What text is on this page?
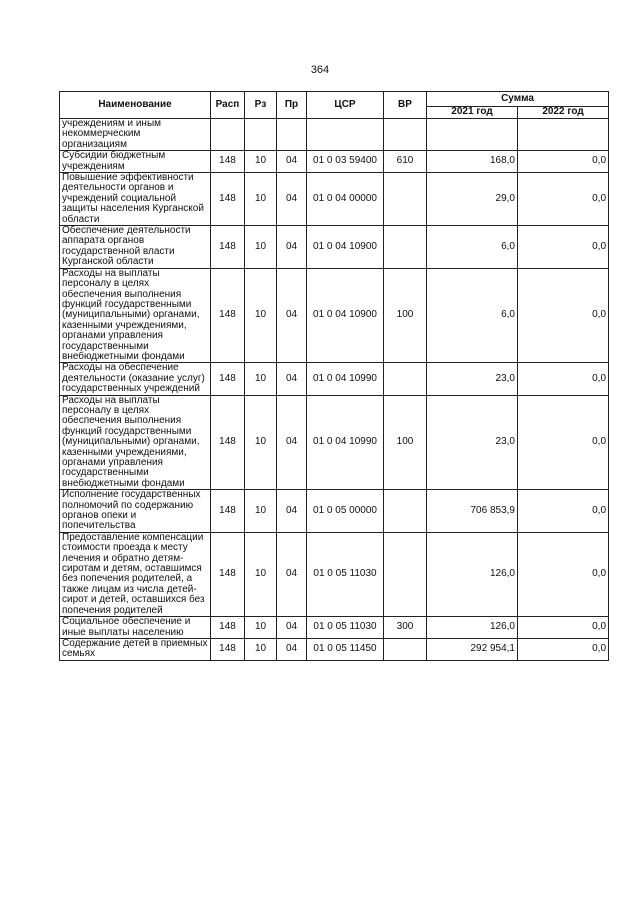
364
Наименование	Расп	Рз	Пр	ЦСР	ВР	Сумма	
						2021 год	2022 год
учреждениям и иным некоммерческим организациям							
Субсидии бюджетным учреждениям	148	10	04	01 0 03 59400	610	168,0	0,0
Повышение эффективности деятельности органов и учреждений социальной защиты населения Курганской области	148	10	04	01 0 04 00000		29,0	0,0
Обеспечение деятельности аппарата органов государственной власти Курганской области	148	10	04	01 0 04 10900		6,0	0,0
Расходы на выплаты персоналу в целях обеспечения выполнения функций государственными (муниципальными) органами, казенными учреждениями, органами управления государственными внебюджетными фондами	148	10	04	01 0 04 10900	100	6,0	0,0
Расходы на обеспечение деятельности (оказание услуг) государственных учреждений	148	10	04	01 0 04 10990		23,0	0,0
Расходы на выплаты персоналу в целях обеспечения выполнения функций государственными (муниципальными) органами, казенными учреждениями, органами управления государственными внебюджетными фондами	148	10	04	01 0 04 10990	100	23,0	0,0
Исполнение государственных полномочий по содержанию органов опеки и попечительства	148	10	04	01 0 05 00000		706 853,9	0,0
Предоставление компенсации стоимости проезда к месту лечения и обратно детям-сиротам и детям, оставшимся без попечения родителей, а также лицам из числа детей-сирот и детей, оставшихся без попечения родителей	148	10	04	01 0 05 11030		126,0	0,0
Социальное обеспечение и иные выплаты населению	148	10	04	01 0 05 11030	300	126,0	0,0
Содержание детей в приемных семьях	148	10	04	01 0 05 11450		292 954,1	0,0
